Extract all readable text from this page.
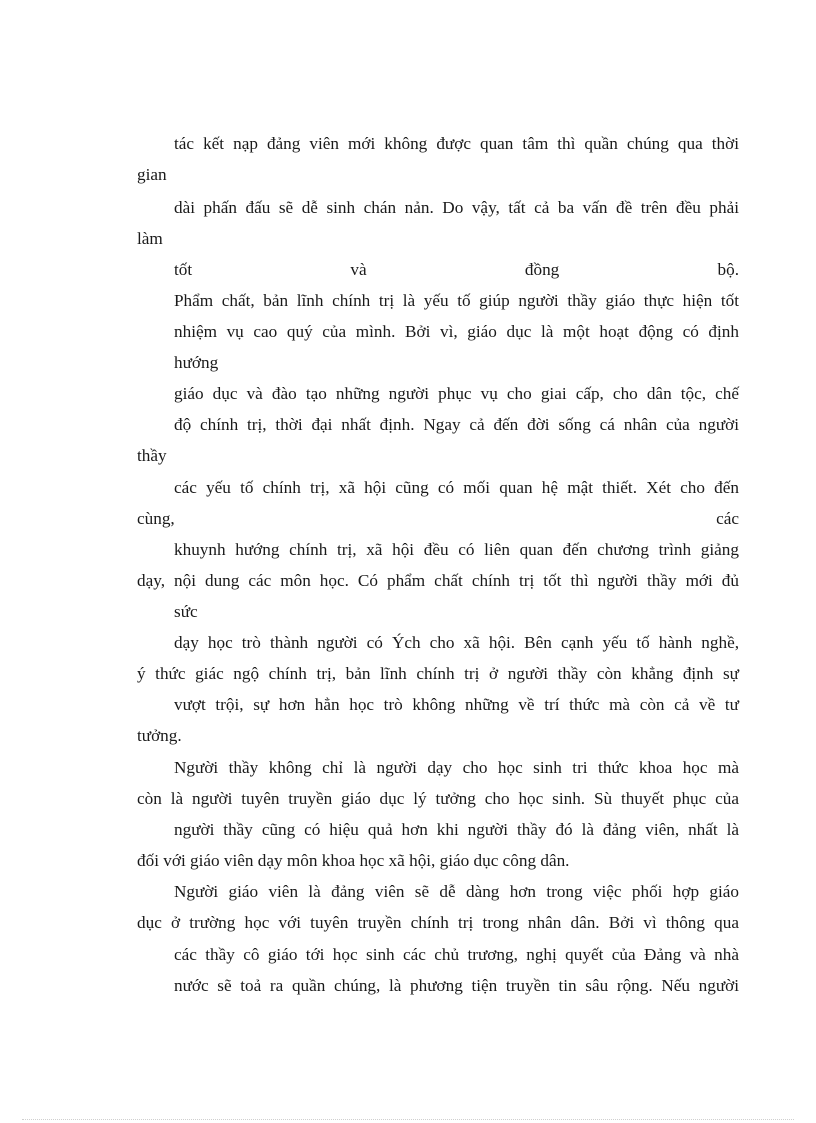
tác kết nạp đảng viên mới không được quan tâm thì quần chúng qua thời
gian
dài phấn đấu sẽ dễ sinh chán nản. Do vậy, tất cả ba vấn đề trên đều phải
làm
tốt và đồng bộ.
Phẩm chất, bản lĩnh chính trị là yếu tố giúp người thầy giáo thực hiện tốt
nhiệm vụ cao quý của mình. Bởi vì, giáo dục là một hoạt động có định
hướng
giáo dục và đào tạo những người phục vụ cho giai cấp, cho dân tộc, chế
độ chính trị, thời đại nhất định. Ngay cả đến đời sống cá nhân của người
thầy
các yếu tố chính trị, xã hội cũng có mối quan hệ mật thiết. Xét cho đến
cùng, các
khuynh hướng chính trị, xã hội đều có liên quan đến chương trình giảng
dạy, nội dung các môn học. Có phẩm chất chính trị tốt thì người thầy mới đủ
sức
dạy học trò thành người có Ých cho xã hội. Bên cạnh yếu tố hành nghề,
ý thức giác ngộ chính trị, bản lĩnh chính trị ở người thầy còn khẳng định sự
vượt trội, sự hơn hẳn học trò không những về trí thức mà còn cả về tư
tưởng.
Người thầy không chỉ là người dạy cho học sinh tri thức khoa học mà
còn là người tuyên truyền giáo dục lý tưởng cho học sinh. Sù thuyết phục của
người thầy cũng có hiệu quả hơn khi người thầy đó là đảng viên, nhất là
đối với giáo viên dạy môn khoa học xã hội, giáo dục công dân.
Người giáo viên là đảng viên sẽ dễ dàng hơn trong việc phối hợp giáo
dục ở trường học với tuyên truyền chính trị trong nhân dân. Bởi vì thông qua
các thầy cô giáo tới học sinh các chủ trương, nghị quyết của Đảng và nhà
nước sẽ toả ra quần chúng, là phương tiện truyền tin sâu rộng. Nếu người
